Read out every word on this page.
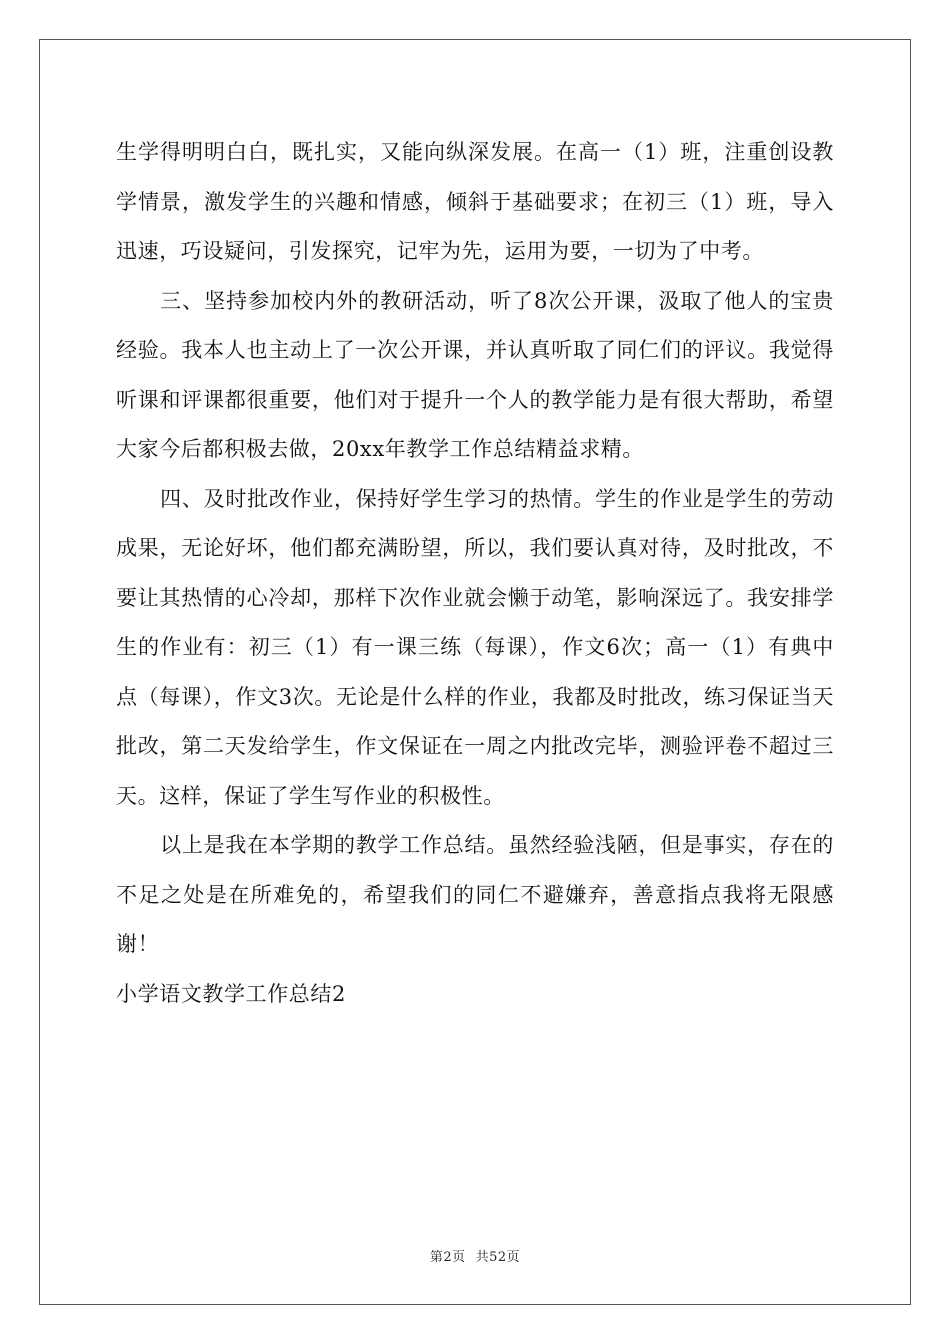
生学得明明白白，既扎实，又能向纵深发展。在高一（1）班，注重创设教学情景，激发学生的兴趣和情感，倾斜于基础要求；在初三（1）班，导入迅速，巧设疑问，引发探究，记牢为先，运用为要，一切为了中考。

三、坚持参加校内外的教研活动，听了8次公开课，汲取了他人的宝贵经验。我本人也主动上了一次公开课，并认真听取了同仁们的评议。我觉得听课和评课都很重要，他们对于提升一个人的教学能力是有很大帮助，希望大家今后都积极去做，20xx年教学工作总结精益求精。

四、及时批改作业，保持好学生学习的热情。学生的作业是学生的劳动成果，无论好坏，他们都充满盼望，所以，我们要认真对待，及时批改，不要让其热情的心冷却，那样下次作业就会懒于动笔，影响深远了。我安排学生的作业有：初三（1）有一课三练（每课），作文6次；高一（1）有典中点（每课），作文3次。无论是什么样的作业，我都及时批改，练习保证当天批改，第二天发给学生，作文保证在一周之内批改完毕，测验评卷不超过三天。这样，保证了学生写作业的积极性。

以上是我在本学期的教学工作总结。虽然经验浅陋，但是事实，存在的不足之处是在所难免的，希望我们的同仁不避嫌弃，善意指点我将无限感谢！

小学语文教学工作总结2

第2页 共52页
